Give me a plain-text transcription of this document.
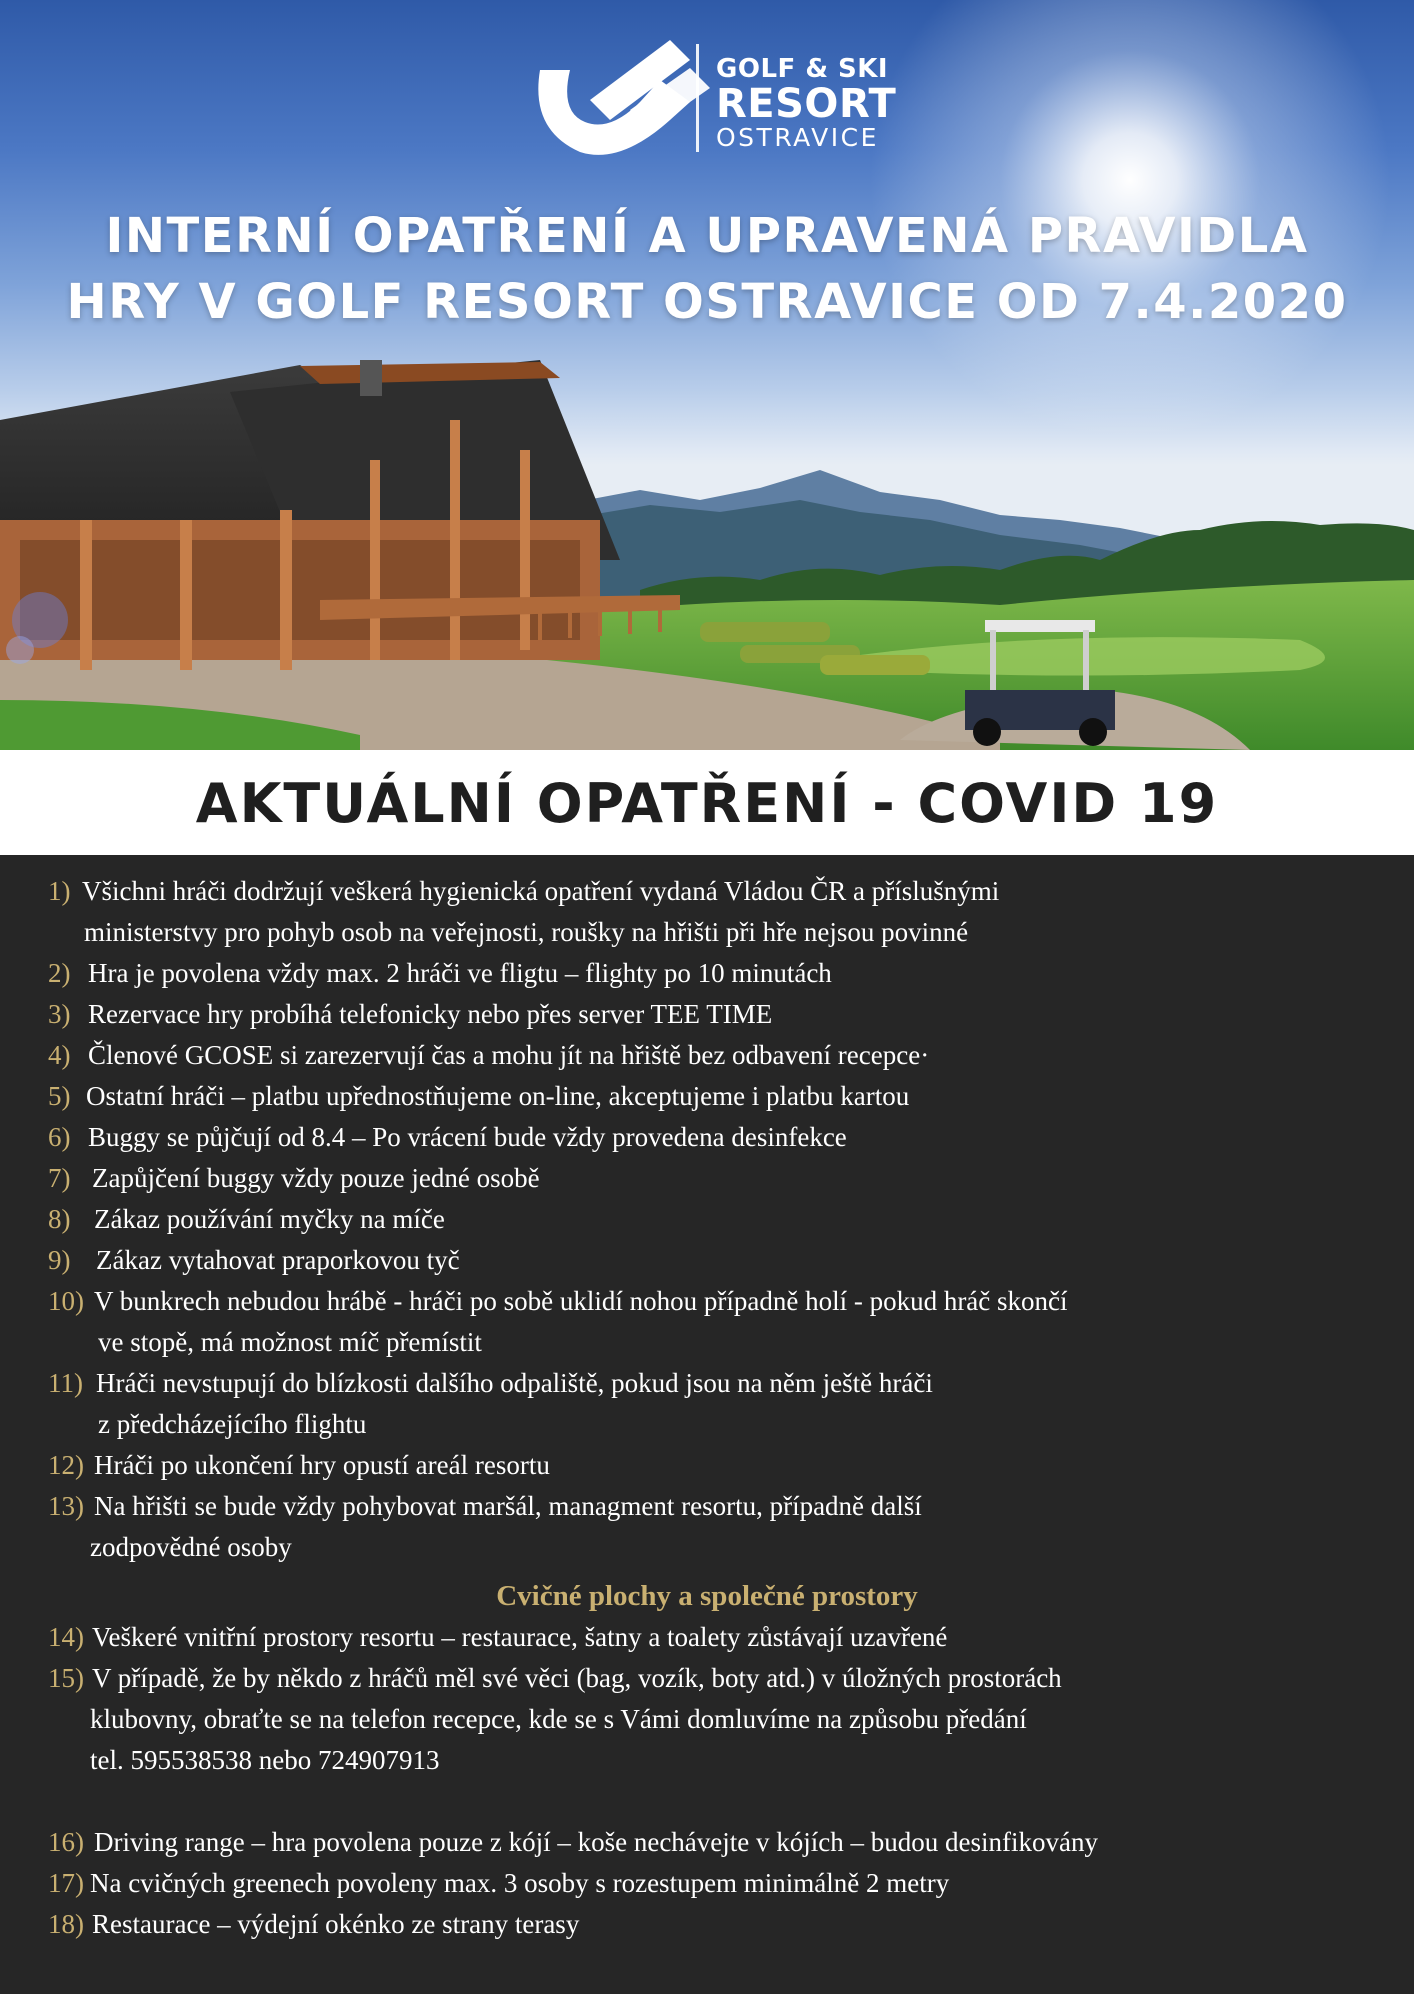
GOLF & SKI
RESORT
OSTRAVICE
INTERNÍ OPATŘENÍ A UPRAVENÁ PRAVIDLA
HRY V GOLF RESORT OSTRAVICE OD 7.4.2020
AKTUÁLNÍ OPATŘENÍ - COVID 19
1) Všichni hráči dodržují veškerá hygienická opatření vydaná Vládou ČR a příslušnými
ministerstvy pro pohyb osob na veřejnosti, roušky na hřišti při hře nejsou povinné
2) Hra je povolena vždy max. 2 hráči ve fligtu – flighty po 10 minutách
3) Rezervace hry probíhá telefonicky nebo přes server TEE TIME
4) Členové GCOSE si zarezervují čas a mohu jít na hřiště bez odbavení recepce·
5) Ostatní hráči – platbu upřednostňujeme on-line, akceptujeme i platbu kartou
6) Buggy se půjčují od 8.4 – Po vrácení bude vždy provedena desinfekce
7) Zapůjčení buggy vždy pouze jedné osobě
8) Zákaz používání myčky na míče
9) Zákaz vytahovat praporkovou tyč
10) V bunkrech nebudou hrábě - hráči po sobě uklidí nohou případně holí - pokud hráč skončí
ve stopě, má možnost míč přemístit
11) Hráči nevstupují do blízkosti dalšího odpaliště, pokud jsou na něm ještě hráči
z předcházejícího flightu
12) Hráči po ukončení hry opustí areál resortu
13) Na hřišti se bude vždy pohybovat maršál, managment resortu, případně další
zodpovědné osoby
Cvičné plochy a společné prostory
14) Veškeré vnitřní prostory resortu – restaurace, šatny a toalety zůstávají uzavřené
15) V případě, že by někdo z hráčů měl své věci (bag, vozík, boty atd.) v úložných prostorách
klubovny, obraťte se na telefon recepce, kde se s Vámi domluvíme na způsobu předání
tel. 595538538 nebo 724907913
16) Driving range – hra povolena pouze z kójí – koše nechávejte v kójích – budou desinfikovány
17) Na cvičných greenech povoleny max. 3 osoby s rozestupem minimálně 2 metry
18) Restaurace – výdejní okénko ze strany terasy
